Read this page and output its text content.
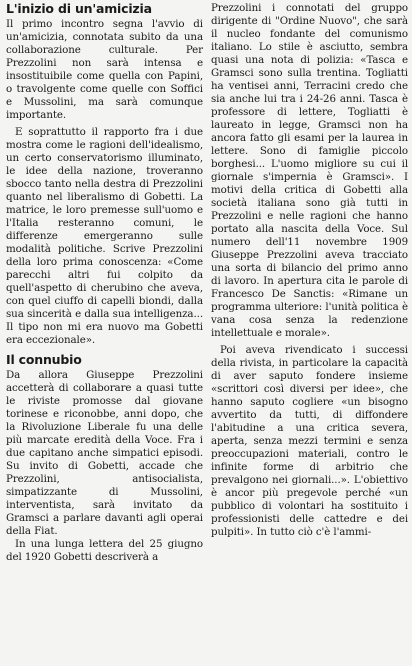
L'inizio di un'amicizia

Il primo incontro segna l'avvio di un'amicizia, connotata subito da una collaborazione culturale. Per Prezzolini non sarà intensa e insostituibile come quella con Papini, o travolgente come quelle con Soffici e Mussolini, ma sarà comunque importante.

E soprattutto il rapporto fra i due mostra come le ragioni dell'idealismo, un certo conservatorismo illuminato, le idee della nazione, troveranno sbocco tanto nella destra di Prezzolini quanto nel liberalismo di Gobetti. La matrice, le loro premesse sull'uomo e l'Italia resteranno comuni, le differenze emergeranno sulle modalità politiche. Scrive Prezzolini della loro prima conoscenza: «Come parecchi altri fui colpito da quell'aspetto di cherubino che aveva, con quel ciuffo di capelli biondi, dalla sua sincerità e dalla sua intelligenza... Il tipo non mi era nuovo ma Gobetti era eccezionale».

Il connubio

Da allora Giuseppe Prezzolini accetterà di collaborare a quasi tutte le riviste promosse dal giovane torinese e riconobbe, anni dopo, che la Rivoluzione Liberale fu una delle più marcate eredità della Voce. Fra i due capitano anche simpatici episodi. Su invito di Gobetti, accade che Prezzolini, antisocialista, simpatizzante di Mussolini, interventista, sarà invitato da Gramsci a parlare davanti agli operai della Fiat.

In una lunga lettera del 25 giugno del 1920 Gobetti descriverà a

Prezzolini i connotati del gruppo dirigente di "Ordine Nuovo", che sarà il nucleo fondante del comunismo italiano. Lo stile è asciutto, sembra quasi una nota di polizia: «Tasca e Gramsci sono sulla trentina. Togliatti ha ventisei anni, Terracini credo che sia anche lui tra i 24-26 anni. Tasca è professore di lettere, Togliatti è laureato in legge, Gramsci non ha ancora fatto gli esami per la laurea in lettere. Sono di famiglie piccolo borghesi... L'uomo migliore su cui il giornale s'impernia è Gramsci». I motivi della critica di Gobetti alla società italiana sono già tutti in Prezzolini e nelle ragioni che hanno portato alla nascita della Voce. Sul numero dell'11 novembre 1909 Giuseppe Prezzolini aveva tracciato una sorta di bilancio del primo anno di lavoro. In apertura cita le parole di Francesco De Sanctis: «Rimane un programma ulteriore: l'unità politica è vana cosa senza la redenzione intellettuale e morale».

Poi aveva rivendicato i successi della rivista, in particolare la capacità di aver saputo fondere insieme «scrittori così diversi per idee», che hanno saputo cogliere «un bisogno avvertito da tutti, di diffondere l'abitudine a una critica severa, aperta, senza mezzi termini e senza preoccupazioni materiali, contro le infinite forme di arbitrio che prevalgono nei giornali...». L'obiettivo è ancor più pregevole perché «un pubblico di volontari ha sostituito i professionisti delle cattedre e dei pulpiti». In tutto ciò c'è l'ammi-
